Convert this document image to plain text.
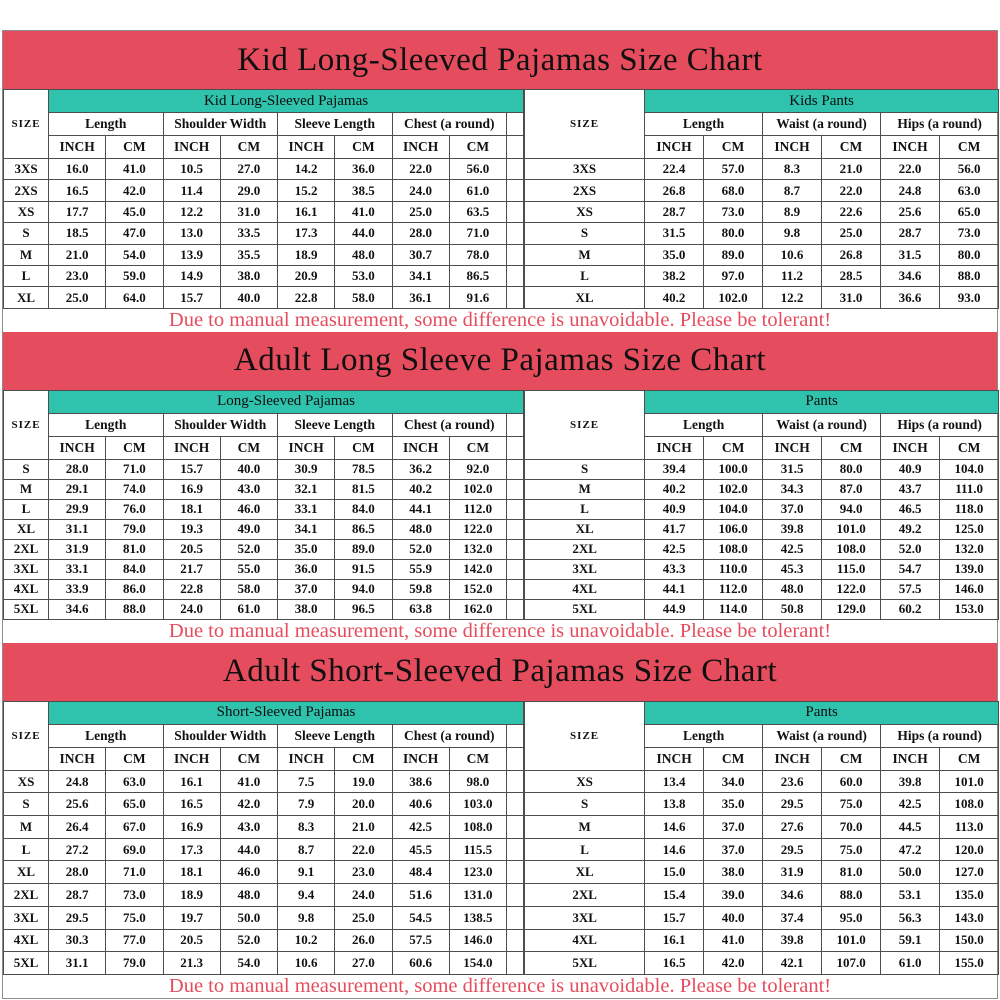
Kid Long-Sleeved Pajamas Size Chart
SIZE	Kid Long-Sleeved Pajamas								
	Length		Shoulder Width		Sleeve Length		Chest (a round)		
	INCH	CM	INCH	CM	INCH	CM	INCH	CM	
3XS	16.0	41.0	10.5	27.0	14.2	36.0	22.0	56.0	
2XS	16.5	42.0	11.4	29.0	15.2	38.5	24.0	61.0	
XS	17.7	45.0	12.2	31.0	16.1	41.0	25.0	63.5	
S	18.5	47.0	13.0	33.5	17.3	44.0	28.0	71.0	
M	21.0	54.0	13.9	35.5	18.9	48.0	30.7	78.0	
L	23.0	59.0	14.9	38.0	20.9	53.0	34.1	86.5	
XL	25.0	64.0	15.7	40.0	22.8	58.0	36.1	91.6	
SIZE	Kids Pants					
	Length		Waist (a round)		Hips (a round)	
	INCH	CM	INCH	CM	INCH	CM
3XS	22.4	57.0	8.3	21.0	22.0	56.0
2XS	26.8	68.0	8.7	22.0	24.8	63.0
XS	28.7	73.0	8.9	22.6	25.6	65.0
S	31.5	80.0	9.8	25.0	28.7	73.0
M	35.0	89.0	10.6	26.8	31.5	80.0
L	38.2	97.0	11.2	28.5	34.6	88.0
XL	40.2	102.0	12.2	31.0	36.6	93.0
Due to manual measurement, some difference is unavoidable. Please be tolerant!
Adult Long Sleeve Pajamas Size Chart
SIZE	Long-Sleeved Pajamas								
	Length		Shoulder Width		Sleeve Length		Chest (a round)		
	INCH	CM	INCH	CM	INCH	CM	INCH	CM	
S	28.0	71.0	15.7	40.0	30.9	78.5	36.2	92.0	
M	29.1	74.0	16.9	43.0	32.1	81.5	40.2	102.0	
L	29.9	76.0	18.1	46.0	33.1	84.0	44.1	112.0	
XL	31.1	79.0	19.3	49.0	34.1	86.5	48.0	122.0	
2XL	31.9	81.0	20.5	52.0	35.0	89.0	52.0	132.0	
3XL	33.1	84.0	21.7	55.0	36.0	91.5	55.9	142.0	
4XL	33.9	86.0	22.8	58.0	37.0	94.0	59.8	152.0	
5XL	34.6	88.0	24.0	61.0	38.0	96.5	63.8	162.0	
SIZE	Pants					
	Length		Waist (a round)		Hips (a round)	
	INCH	CM	INCH	CM	INCH	CM
S	39.4	100.0	31.5	80.0	40.9	104.0
M	40.2	102.0	34.3	87.0	43.7	111.0
L	40.9	104.0	37.0	94.0	46.5	118.0
XL	41.7	106.0	39.8	101.0	49.2	125.0
2XL	42.5	108.0	42.5	108.0	52.0	132.0
3XL	43.3	110.0	45.3	115.0	54.7	139.0
4XL	44.1	112.0	48.0	122.0	57.5	146.0
5XL	44.9	114.0	50.8	129.0	60.2	153.0
Due to manual measurement, some difference is unavoidable. Please be tolerant!
Adult Short-Sleeved Pajamas Size Chart
SIZE	Short-Sleeved Pajamas								
	Length		Shoulder Width		Sleeve Length		Chest (a round)		
	INCH	CM	INCH	CM	INCH	CM	INCH	CM	
XS	24.8	63.0	16.1	41.0	7.5	19.0	38.6	98.0	
S	25.6	65.0	16.5	42.0	7.9	20.0	40.6	103.0	
M	26.4	67.0	16.9	43.0	8.3	21.0	42.5	108.0	
L	27.2	69.0	17.3	44.0	8.7	22.0	45.5	115.5	
XL	28.0	71.0	18.1	46.0	9.1	23.0	48.4	123.0	
2XL	28.7	73.0	18.9	48.0	9.4	24.0	51.6	131.0	
3XL	29.5	75.0	19.7	50.0	9.8	25.0	54.5	138.5	
4XL	30.3	77.0	20.5	52.0	10.2	26.0	57.5	146.0	
5XL	31.1	79.0	21.3	54.0	10.6	27.0	60.6	154.0	
SIZE	Pants					
	Length		Waist (a round)		Hips (a round)	
	INCH	CM	INCH	CM	INCH	CM
XS	13.4	34.0	23.6	60.0	39.8	101.0
S	13.8	35.0	29.5	75.0	42.5	108.0
M	14.6	37.0	27.6	70.0	44.5	113.0
L	14.6	37.0	29.5	75.0	47.2	120.0
XL	15.0	38.0	31.9	81.0	50.0	127.0
2XL	15.4	39.0	34.6	88.0	53.1	135.0
3XL	15.7	40.0	37.4	95.0	56.3	143.0
4XL	16.1	41.0	39.8	101.0	59.1	150.0
5XL	16.5	42.0	42.1	107.0	61.0	155.0
Due to manual measurement, some difference is unavoidable. Please be tolerant!
